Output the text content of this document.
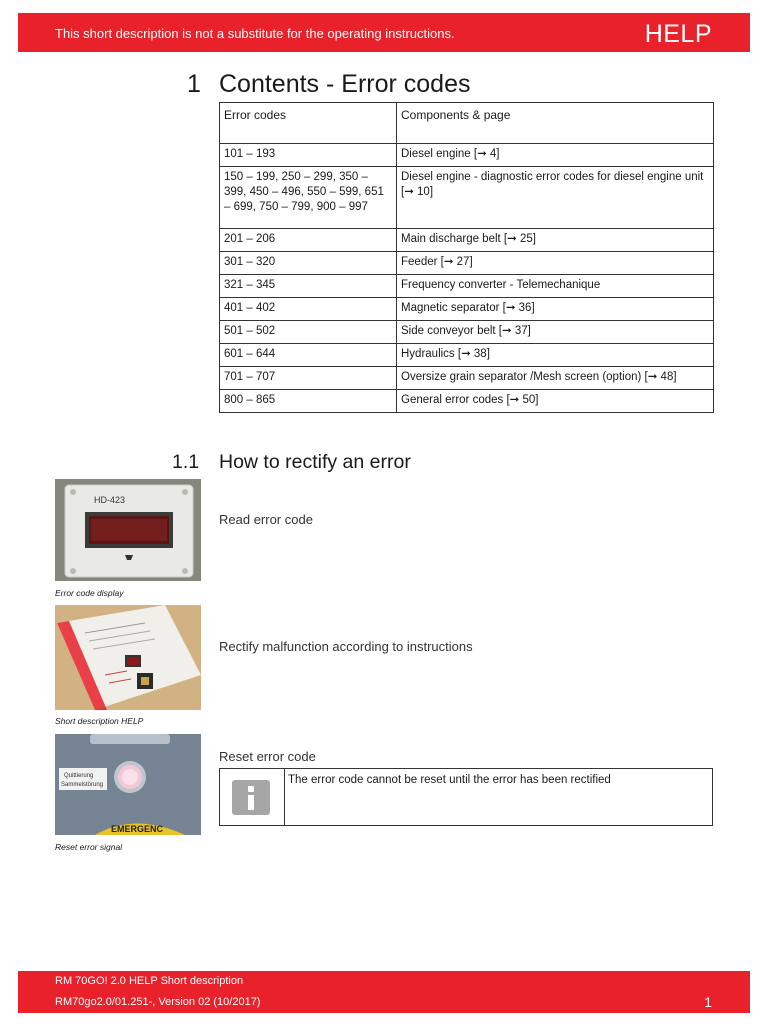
This short description is not a substitute for the operating instructions.	HELP
1 Contents - Error codes
Error codes	Components & page
101 – 193	Diesel engine [➞ 4]
150 – 199, 250 – 299, 350 – 399, 450 – 496, 550 – 599, 651 – 699, 750 – 799, 900 – 997	Diesel engine - diagnostic error codes for diesel engine unit [➞ 10]
201 – 206	Main discharge belt [➞ 25]
301 – 320	Feeder [➞ 27]
321 – 345	Frequency converter - Telemechanique
401 – 402	Magnetic separator [➞ 36]
501 – 502	Side conveyor belt [➞ 37]
601 – 644	Hydraulics [➞ 38]
701 – 707	Oversize grain separator /Mesh screen (option) [➞ 48]
800 – 865	General error codes [➞ 50]
1.1 How to rectify an error
HD-423
Error code display
Read error code
Short description HELP
Rectify malfunction according to instructions
Quittierung
Sammelstörung
EMERGENC
Reset error signal
Reset error code
The error code cannot be reset until the error has been rectified
RM 70GO! 2.0 HELP Short description
RM70go2.0/01.251-, Version 02 (10/2017)	1
